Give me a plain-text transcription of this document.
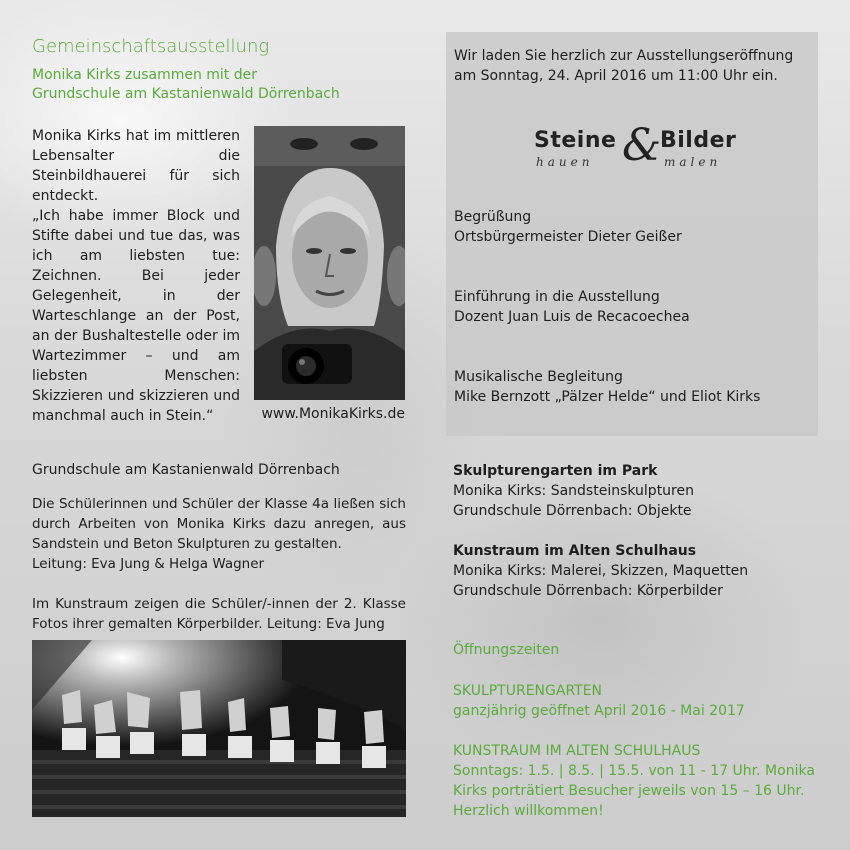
Gemeinschaftsausstellung
Monika Kirks zusammen mit der
Grundschule am Kastanienwald Dörrenbach

Monika Kirks hat im mittleren Lebensalter die Steinbildhauerei für sich entdeckt.

„Ich habe immer Block und Stifte dabei und tue das, was ich am liebsten tue: Zeichnen. Bei jeder Gelegenheit, in der Warteschlange an der Post, an der Bushaltestelle oder im Wartezimmer – und am liebsten Menschen: Skizzieren und skizzieren und manchmal auch in Stein.“	www.MonikaKirks.de
Grundschule am Kastanienwald Dörrenbach

Die Schülerinnen und Schüler der Klasse 4a ließen sich durch Arbeiten von Monika Kirks dazu anregen, aus Sandstein und Beton Skulpturen zu gestalten.

Leitung: Eva Jung & Helga Wagner

Im Kunstraum zeigen die Schüler/-innen der 2. Klasse Fotos ihrer gemalten Körperbilder. Leitung: Eva Jung

Wir laden Sie herzlich zur Ausstellungseröffnung

am Sonntag, 24. April 2016 um 11:00 Uhr ein.

Steine &
Bilder
hauen	malen
Begrüßung
Ortsbürgermeister Dieter Geißer
Einführung in die Ausstellung
Dozent Juan Luis de Recacoechea
Musikalische Begleitung
Mike Bernzott „Pälzer Helde“ und Eliot Kirks
Skulpturengarten im Park
Monika Kirks: Sandsteinskulpturen
Grundschule Dörrenbach: Objekte
Kunstraum im Alten Schulhaus
Monika Kirks: Malerei, Skizzen, Maquetten
Grundschule Dörrenbach: Körperbilder
Öffnungszeiten
SKULPTURENGARTEN
ganzjährig geöffnet April 2016 - Mai 2017
KUNSTRAUM IM ALTEN SCHULHAUS
Sonntags: 1.5. | 8.5. | 15.5. von 11 - 17 Uhr. Monika
Kirks porträtiert Besucher jeweils von 15 – 16 Uhr.
Herzlich willkommen!
